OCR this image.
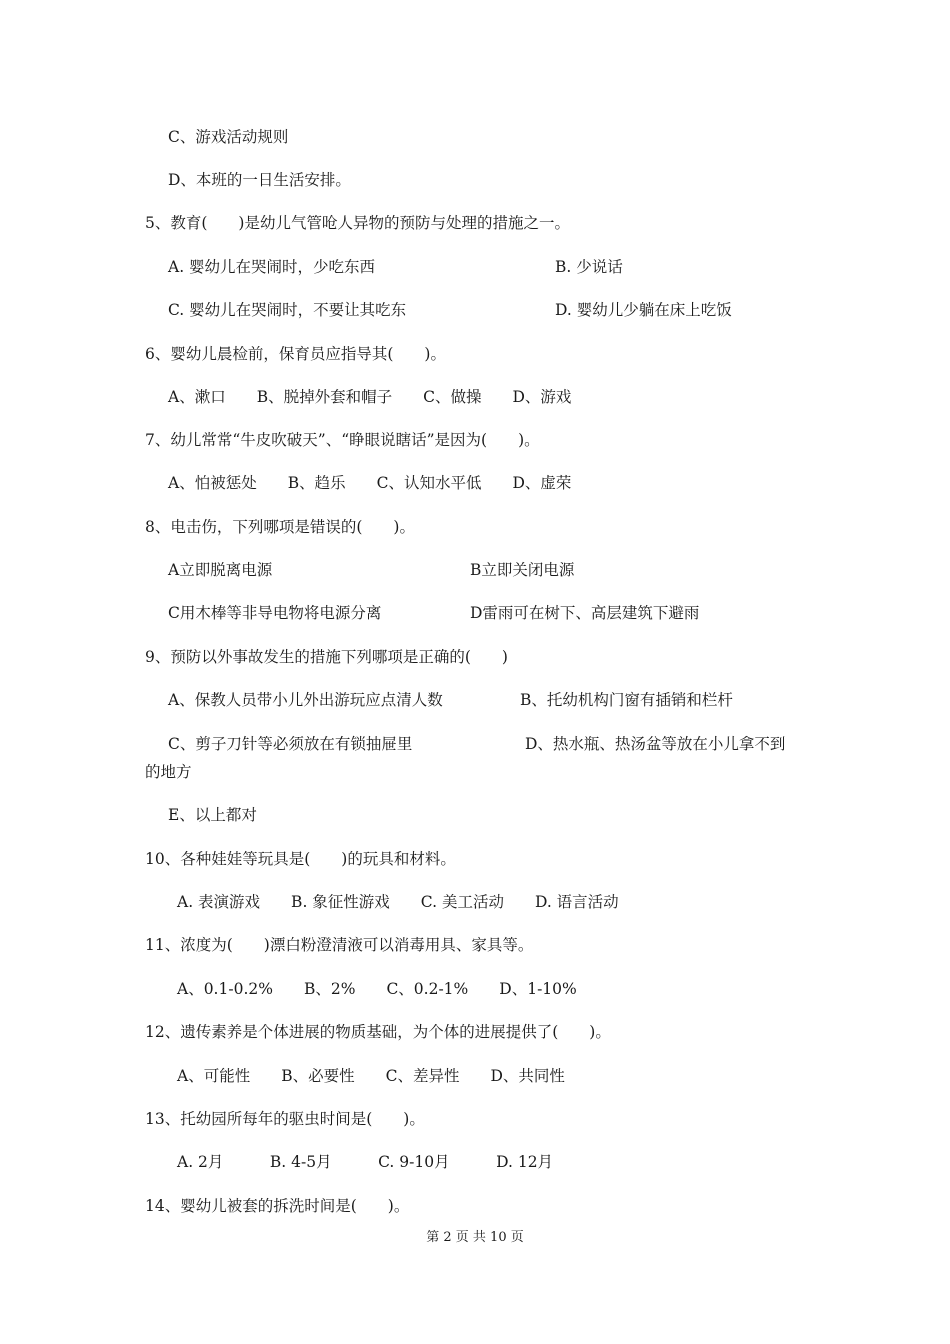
C、游戏活动规则
D、本班的一日生活安排。
5、教育(　　)是幼儿气管呛人异物的预防与处理的措施之一。
A. 婴幼儿在哭闹时，少吃东西	B. 少说话
C. 婴幼儿在哭闹时，不要让其吃东	D. 婴幼儿少躺在床上吃饭
6、婴幼儿晨检前，保育员应指导其(　　)。
A、漱口　　B、脱掉外套和帽子　　C、做操　　D、游戏
7、幼儿常常“牛皮吹破天”、“睁眼说瞎话”是因为(　　)。
A、怕被惩处　　B、趋乐　　C、认知水平低　　D、虚荣
8、电击伤，下列哪项是错误的(　　)。
A立即脱离电源	B立即关闭电源
C用木棒等非导电物将电源分离	D雷雨可在树下、高层建筑下避雨
9、预防以外事故发生的措施下列哪项是正确的(　　)
A、保教人员带小儿外出游玩应点清人数	B、托幼机构门窗有插销和栏杆
C、剪子刀针等必须放在有锁抽屉里	D、热水瓶、热汤盆等放在小儿拿不到
的地方
E、以上都对
10、各种娃娃等玩具是(　　)的玩具和材料。
A. 表演游戏　　B. 象征性游戏　　C. 美工活动　　D. 语言活动
11、浓度为(　　)漂白粉澄清液可以消毒用具、家具等。
A、0.1-0.2%　　B、2%　　C、0.2-1%　　D、1-10%
12、遗传素养是个体进展的物质基础，为个体的进展提供了(　　)。
A、可能性　　B、必要性　　C、差异性　　D、共同性
13、托幼园所每年的驱虫时间是(　　)。
A. 2月　　　B. 4-5月　　　C. 9-10月　　　D. 12月
14、婴幼儿被套的拆洗时间是(　　)。
第 2 页 共 10 页
